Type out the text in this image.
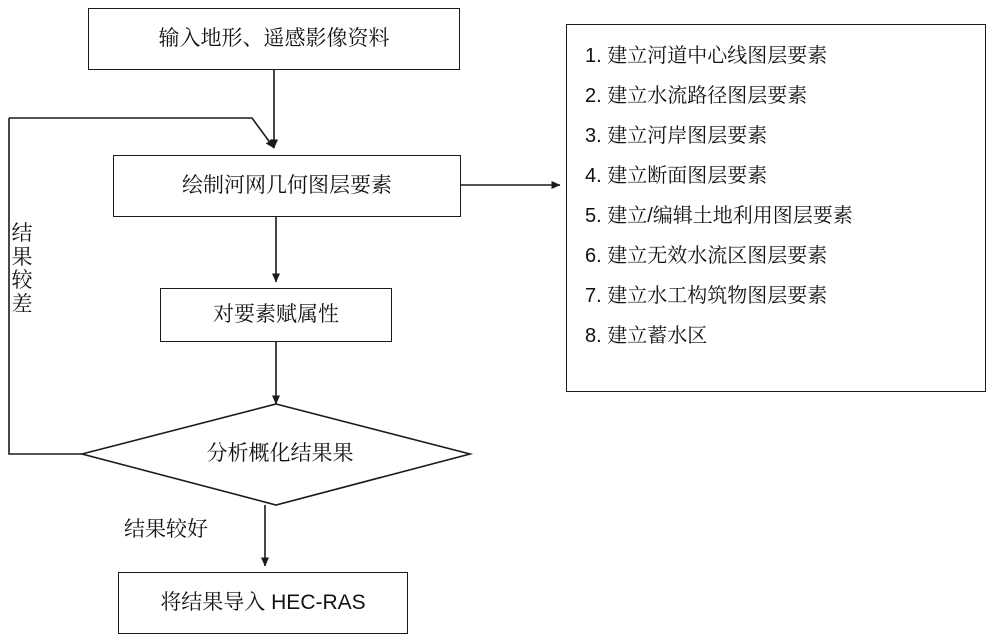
输入地形、遥感影像资料
绘制河网几何图层要素
对要素赋属性
将结果导入 HEC-RAS
分析概化结果果
结
果
较
差
结果较好
1. 建立河道中心线图层要素
2. 建立水流路径图层要素
3. 建立河岸图层要素
4. 建立断面图层要素
5. 建立/编辑土地利用图层要素
6. 建立无效水流区图层要素
7. 建立水工构筑物图层要素
8. 建立蓄水区
